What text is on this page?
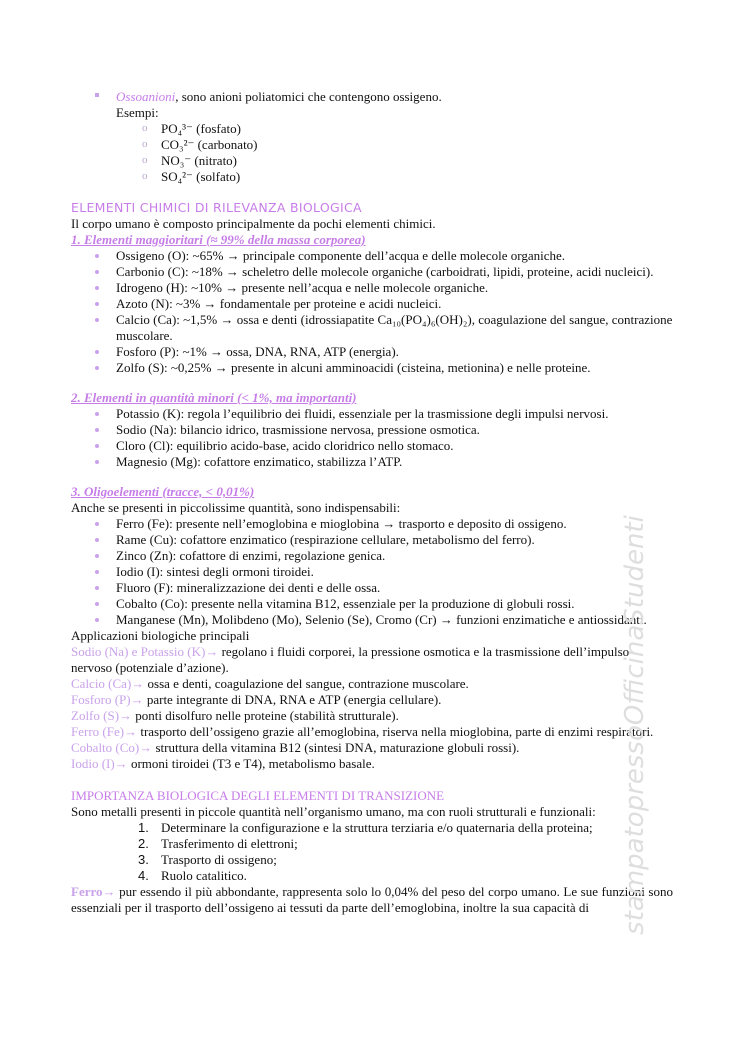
Ossoanioni, sono anioni poliatomici che contengono ossigeno.
Esempi:
o PO₄³⁻ (fosfato)
o CO₃²⁻ (carbonato)
o NO₃⁻ (nitrato)
o SO₄²⁻ (solfato)
ELEMENTI CHIMICI DI RILEVANZA BIOLOGICA
Il corpo umano è composto principalmente da pochi elementi chimici.
1. Elementi maggioritari (≈ 99% della massa corporea)
Ossigeno (O): ~65% → principale componente dell’acqua e delle molecole organiche.
Carbonio (C): ~18% → scheletro delle molecole organiche (carboidrati, lipidi, proteine, acidi nucleici).
Idrogeno (H): ~10% → presente nell’acqua e nelle molecole organiche.
Azoto (N): ~3% → fondamentale per proteine e acidi nucleici.
Calcio (Ca): ~1,5% → ossa e denti (idrossiapatite Ca₁₀(PO₄)₆(OH)₂), coagulazione del sangue, contrazione muscolare.
Fosforo (P): ~1% → ossa, DNA, RNA, ATP (energia).
Zolfo (S): ~0,25% → presente in alcuni amminoacidi (cisteina, metionina) e nelle proteine.
2. Elementi in quantità minori (< 1%, ma importanti)
Potassio (K): regola l’equilibrio dei fluidi, essenziale per la trasmissione degli impulsi nervosi.
Sodio (Na): bilancio idrico, trasmissione nervosa, pressione osmotica.
Cloro (Cl): equilibrio acido-base, acido cloridrico nello stomaco.
Magnesio (Mg): cofattore enzimatico, stabilizza l’ATP.
3. Oligoelementi (tracce, < 0,01%)
Anche se presenti in piccolissime quantità, sono indispensabili:
Ferro (Fe): presente nell’emoglobina e mioglobina → trasporto e deposito di ossigeno.
Rame (Cu): cofattore enzimatico (respirazione cellulare, metabolismo del ferro).
Zinco (Zn): cofattore di enzimi, regolazione genica.
Iodio (I): sintesi degli ormoni tiroidei.
Fluoro (F): mineralizzazione dei denti e delle ossa.
Cobalto (Co): presente nella vitamina B12, essenziale per la produzione di globuli rossi.
Manganese (Mn), Molibdeno (Mo), Selenio (Se), Cromo (Cr) → funzioni enzimatiche e antiossidanti.
Applicazioni biologiche principali
Sodio (Na) e Potassio (K)→ regolano i fluidi corporei, la pressione osmotica e la trasmissione dell’impulso nervoso (potenziale d’azione).
Calcio (Ca)→ ossa e denti, coagulazione del sangue, contrazione muscolare.
Fosforo (P)→ parte integrante di DNA, RNA e ATP (energia cellulare).
Zolfo (S)→ ponti disolfuro nelle proteine (stabilità strutturale).
Ferro (Fe)→ trasporto dell’ossigeno grazie all’emoglobina, riserva nella mioglobina, parte di enzimi respiratori.
Cobalto (Co)→ struttura della vitamina B12 (sintesi DNA, maturazione globuli rossi).
Iodio (I)→ ormoni tiroidei (T3 e T4), metabolismo basale.
IMPORTANZA BIOLOGICA DEGLI ELEMENTI DI TRANSIZIONE
Sono metalli presenti in piccole quantità nell’organismo umano, ma con ruoli strutturali e funzionali:
1. Determinare la configurazione e la struttura terziaria e/o quaternaria della proteina;
2. Trasferimento di elettroni;
3. Trasporto di ossigeno;
4. Ruolo catalitico.
Ferro→ pur essendo il più abbondante, rappresenta solo lo 0,04% del peso del corpo umano. Le sue funzioni sono essenziali per il trasporto dell’ossigeno ai tessuti da parte dell’emoglobina, inoltre la sua capacità di	stampatopressoOfficinaStudenti
